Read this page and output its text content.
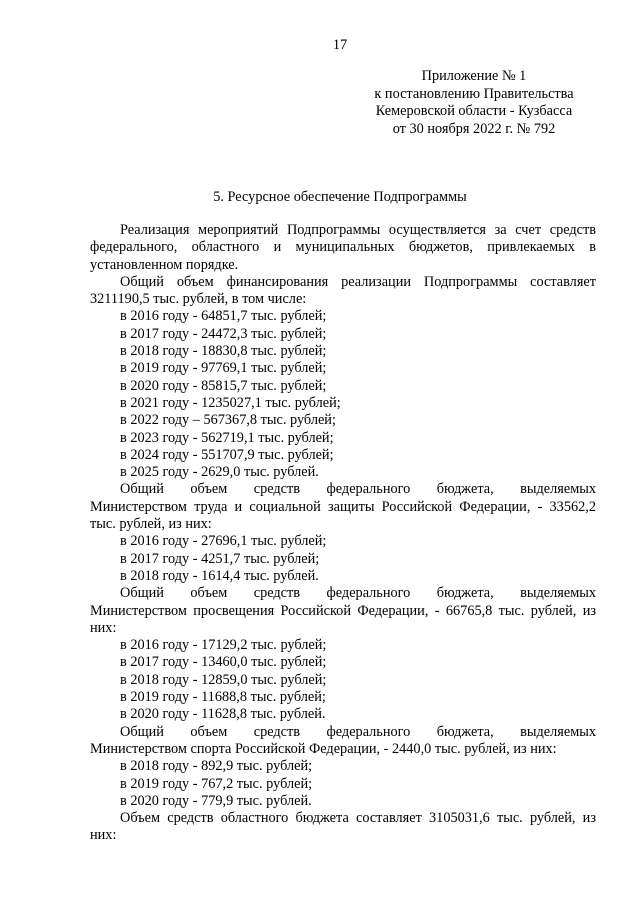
17
Приложение № 1
к постановлению Правительства
Кемеровской области - Кузбасса
от 30 ноября 2022 г. № 792
5. Ресурсное обеспечение Подпрограммы

Реализация мероприятий Подпрограммы осуществляется за счет средств федерального, областного и муниципальных бюджетов, привлекаемых в установленном порядке.

Общий объем финансирования реализации Подпрограммы составляет 3211190,5 тыс. рублей, в том числе:

в 2016 году - 64851,7 тыс. рублей;
в 2017 году - 24472,3 тыс. рублей;
в 2018 году - 18830,8 тыс. рублей;
в 2019 году - 97769,1 тыс. рублей;
в 2020 году - 85815,7 тыс. рублей;
в 2021 году - 1235027,1 тыс. рублей;
в 2022 году – 567367,8 тыс. рублей;
в 2023 году - 562719,1 тыс. рублей;
в 2024 году - 551707,9 тыс. рублей;
в 2025 году - 2629,0 тыс. рублей.
Общий объем средств федерального бюджета, выделяемых

Министерством труда и социальной защиты Российской Федерации, - 33562,2 тыс. рублей, из них:

в 2016 году - 27696,1 тыс. рублей;
в 2017 году - 4251,7 тыс. рублей;
в 2018 году - 1614,4 тыс. рублей.
Общий объем средств федерального бюджета, выделяемых

Министерством просвещения Российской Федерации, - 66765,8 тыс. рублей, из них:

в 2016 году - 17129,2 тыс. рублей;
в 2017 году - 13460,0 тыс. рублей;
в 2018 году - 12859,0 тыс. рублей;
в 2019 году - 11688,8 тыс. рублей;
в 2020 году - 11628,8 тыс. рублей.
Общий объем средств федерального бюджета, выделяемых

Министерством спорта Российской Федерации, - 2440,0 тыс. рублей, из них:

в 2018 году - 892,9 тыс. рублей;
в 2019 году - 767,2 тыс. рублей;
в 2020 году - 779,9 тыс. рублей.

Объем средств областного бюджета составляет 3105031,6 тыс. рублей, из них:
